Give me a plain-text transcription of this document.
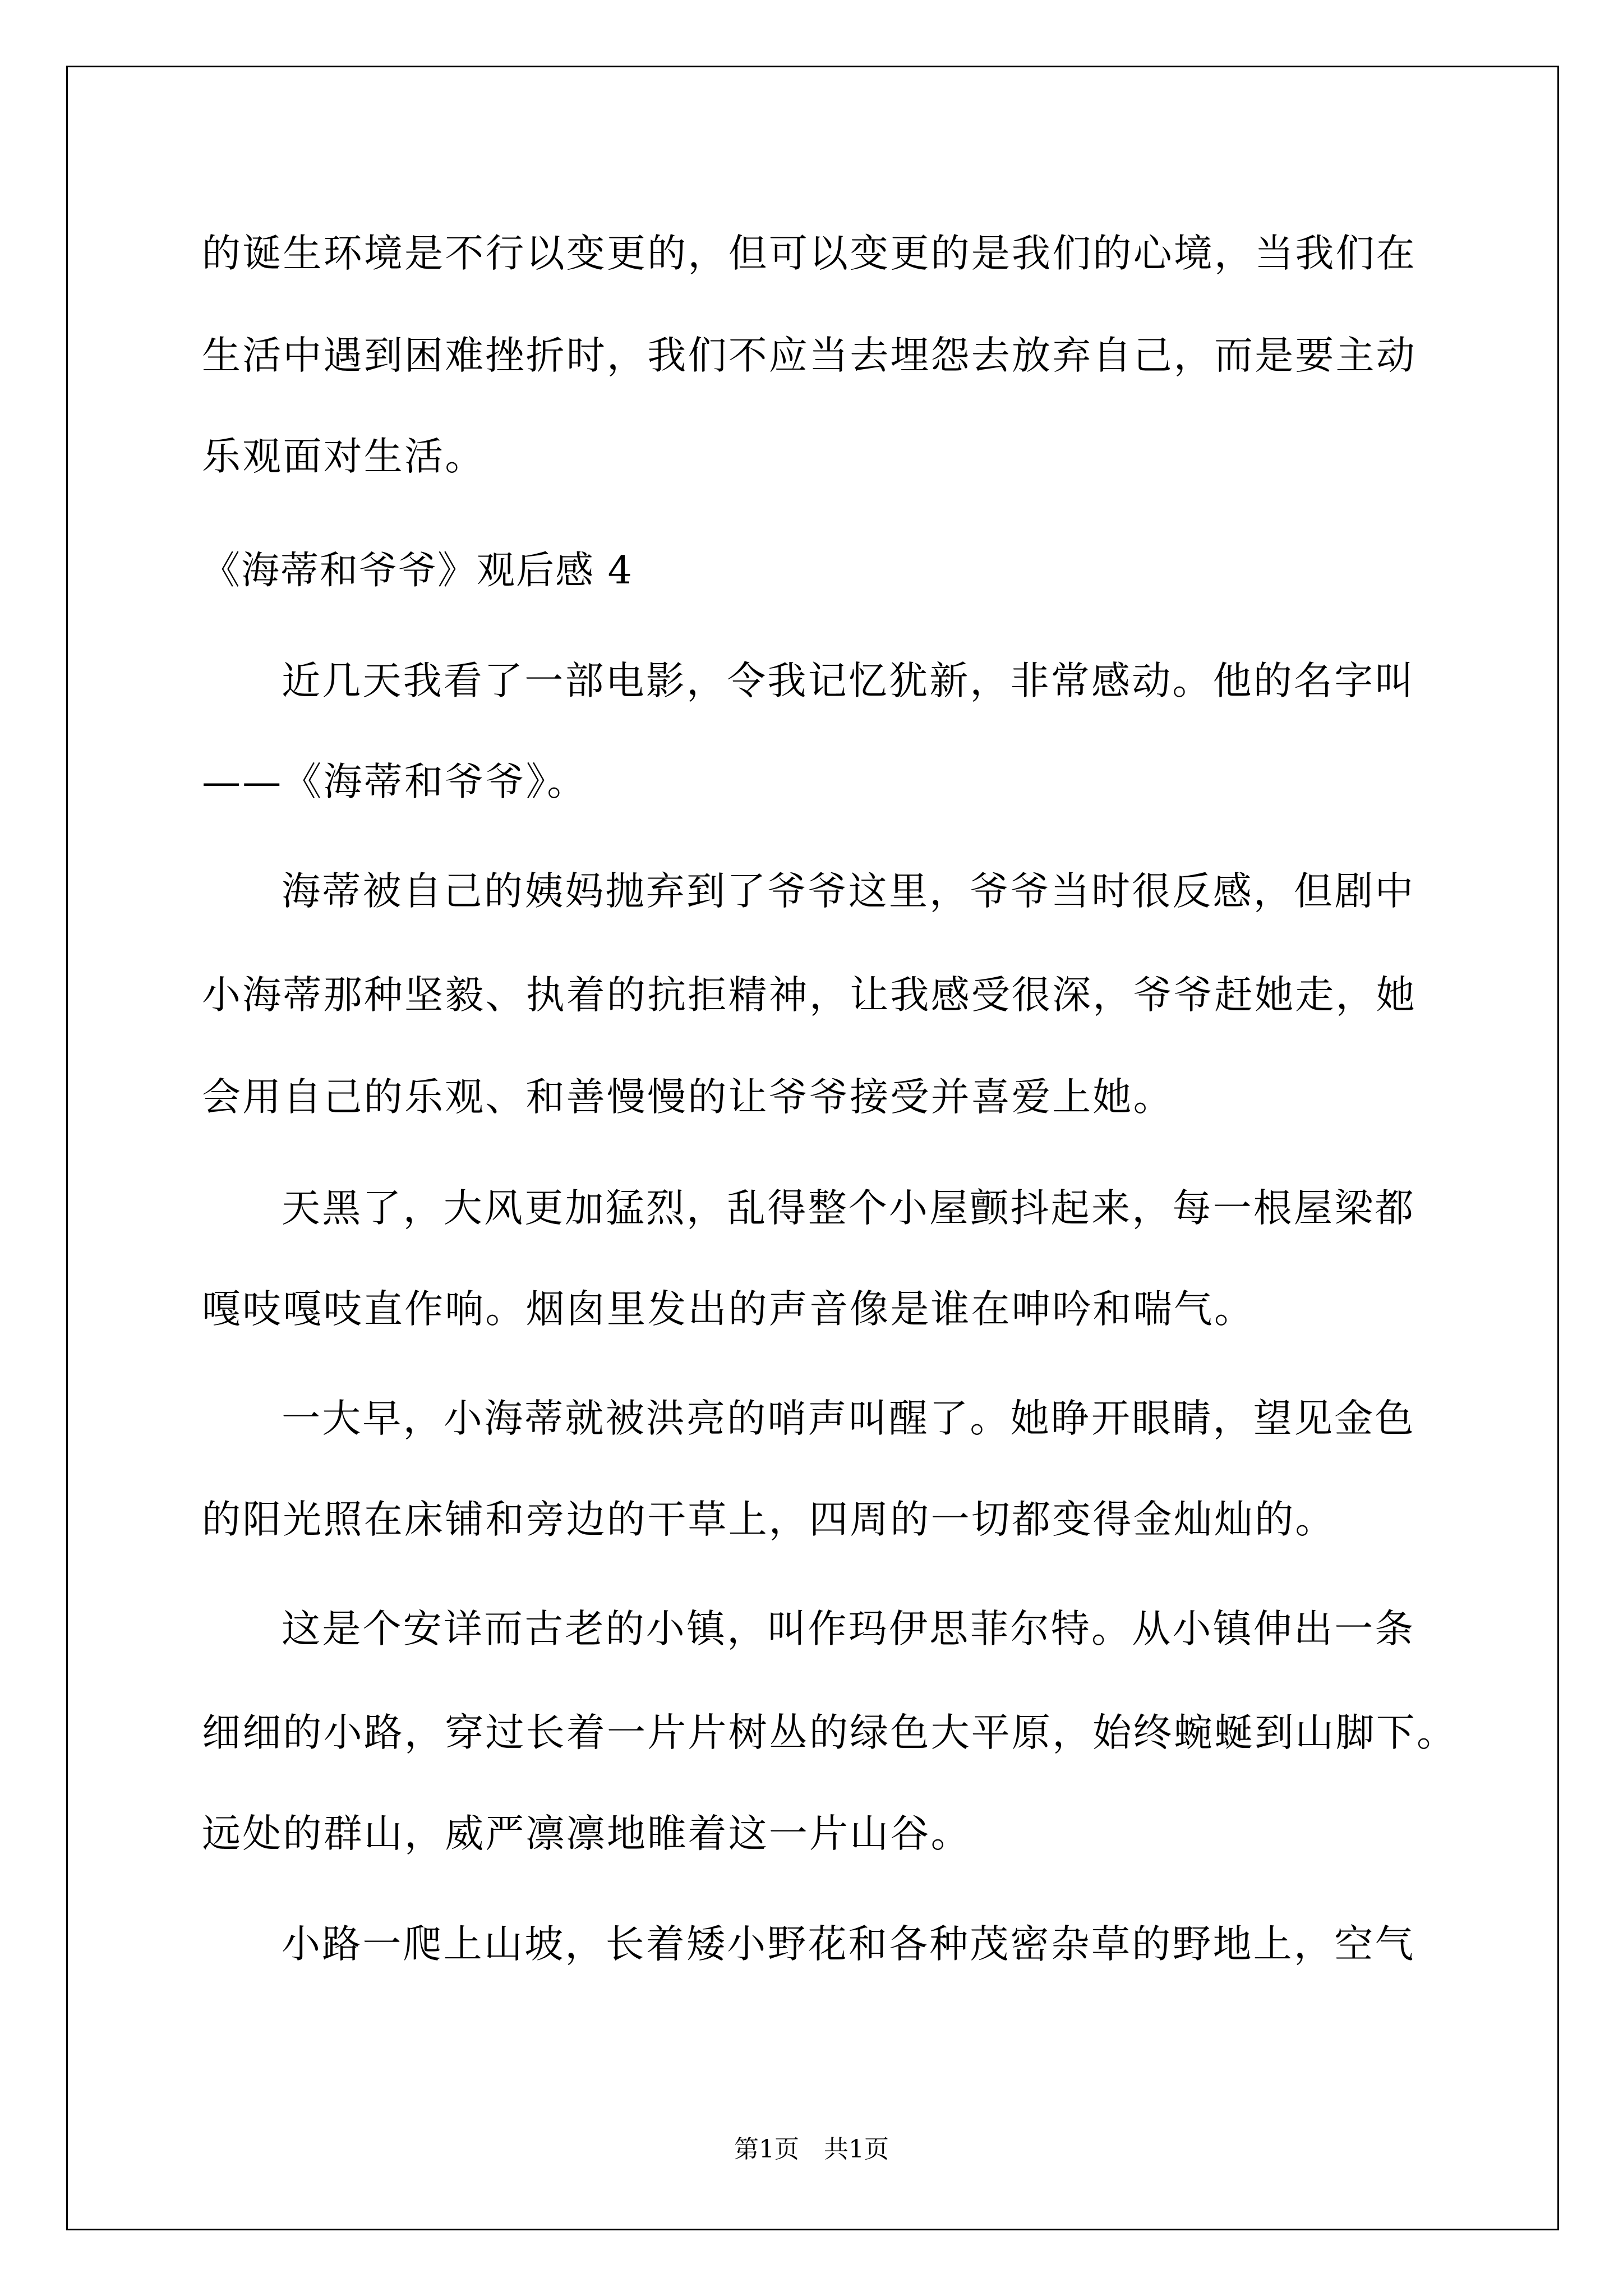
的诞生环境是不行以变更的，但可以变更的是我们的心境，当我们在
生活中遇到困难挫折时，我们不应当去埋怨去放弃自己，而是要主动
乐观面对生活。
《海蒂和爷爷》观后感 4
近几天我看了一部电影，令我记忆犹新，非常感动。他的名字叫
——《海蒂和爷爷》。
海蒂被自己的姨妈抛弃到了爷爷这里，爷爷当时很反感，但剧中
小海蒂那种坚毅、执着的抗拒精神，让我感受很深，爷爷赶她走，她
会用自己的乐观、和善慢慢的让爷爷接受并喜爱上她。
天黑了，大风更加猛烈，乱得整个小屋颤抖起来，每一根屋梁都
嘎吱嘎吱直作响。烟囱里发出的声音像是谁在呻吟和喘气。
一大早，小海蒂就被洪亮的哨声叫醒了。她睁开眼睛，望见金色
的阳光照在床铺和旁边的干草上，四周的一切都变得金灿灿的。
这是个安详而古老的小镇，叫作玛伊思菲尔特。从小镇伸出一条
细细的小路，穿过长着一片片树丛的绿色大平原，始终蜿蜒到山脚下。
远处的群山，威严凛凛地睢着这一片山谷。
小路一爬上山坡，长着矮小野花和各种茂密杂草的野地上，空气
第1页　共1页
